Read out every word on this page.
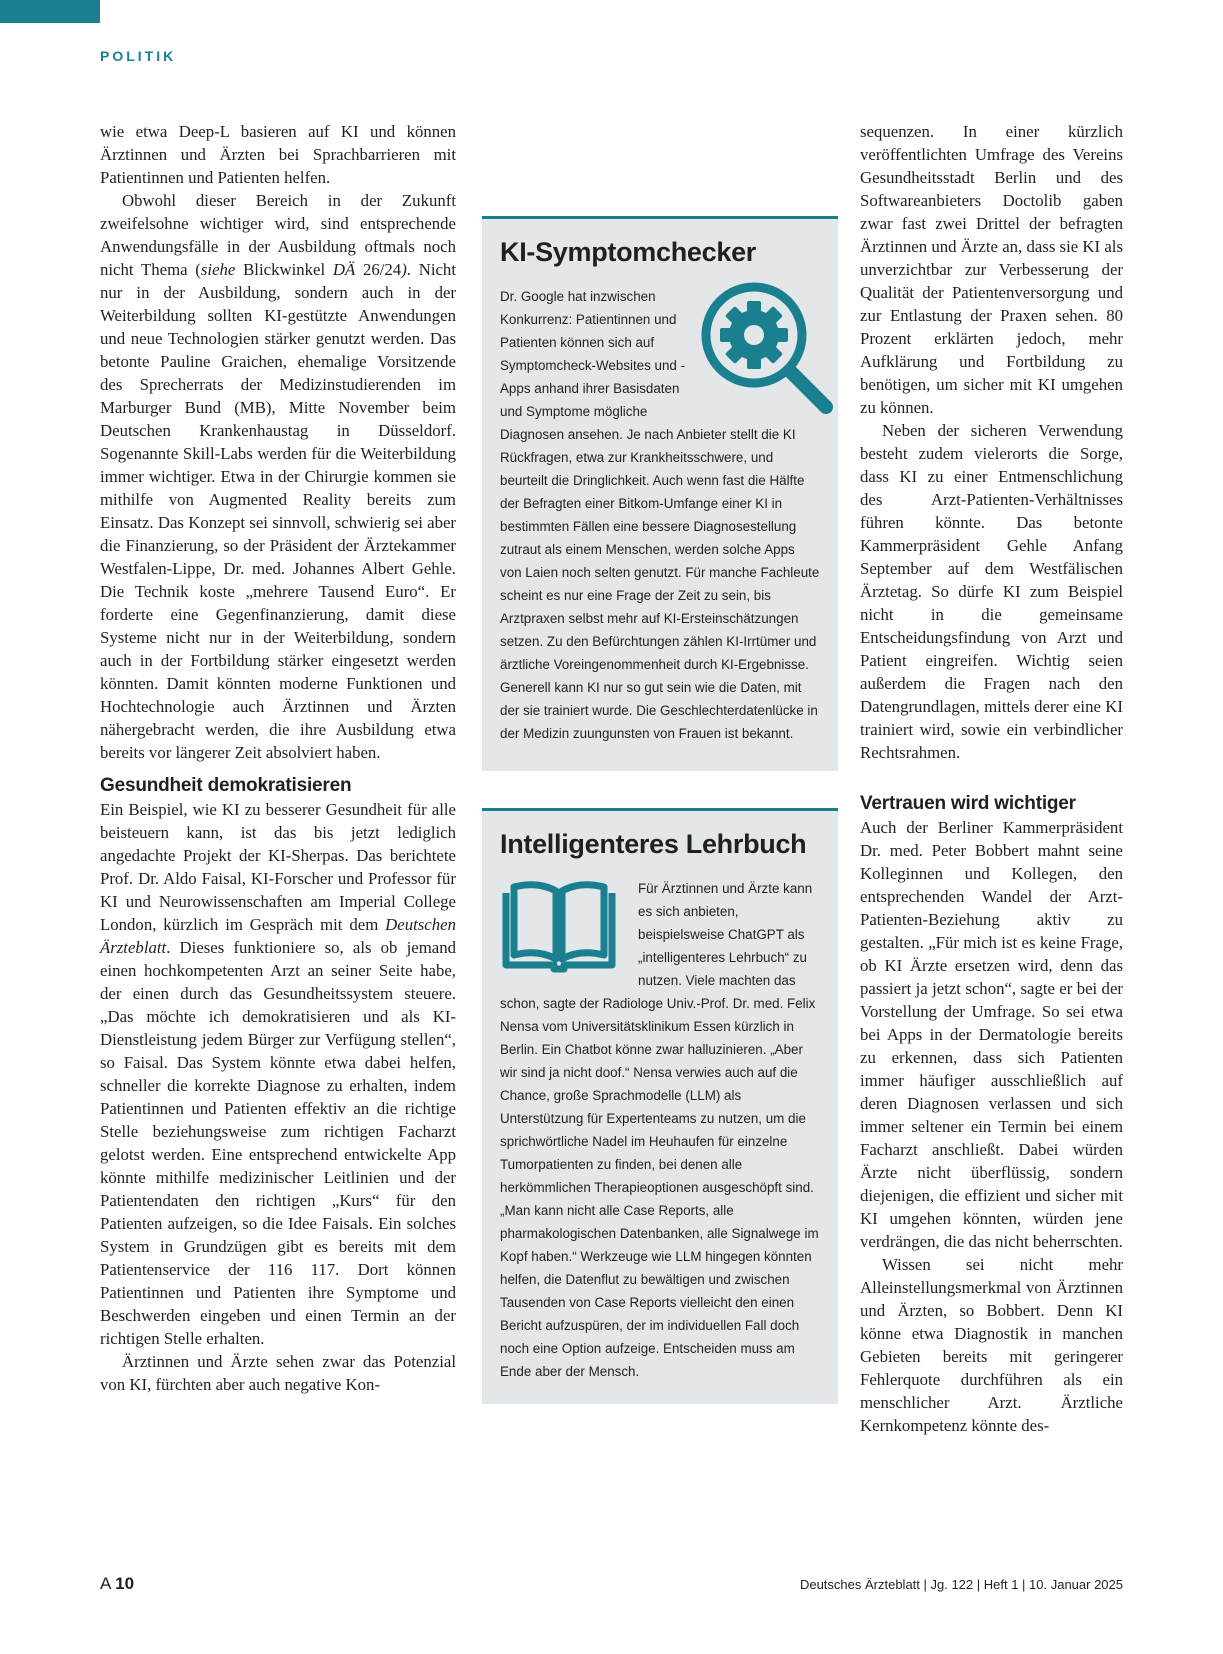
POLITIK

wie etwa Deep-L basieren auf KI und können Ärztinnen und Ärzten bei Sprachbarrieren mit Patientinnen und Patienten helfen.

Obwohl dieser Bereich in der Zukunft zweifelsohne wichtiger wird, sind entsprechende Anwendungsfälle in der Ausbildung oftmals noch nicht Thema (siehe Blickwinkel DÄ 26/24). Nicht nur in der Ausbildung, sondern auch in der Weiterbildung sollten KI-gestützte Anwendungen und neue Technologien stärker genutzt werden. Das betonte Pauline Graichen, ehemalige Vorsitzende des Sprecherrats der Medizinstudierenden im Marburger Bund (MB), Mitte November beim Deutschen Krankenhaustag in Düsseldorf. Sogenannte Skill-Labs werden für die Weiterbildung immer wichtiger. Etwa in der Chirurgie kommen sie mithilfe von Augmented Reality bereits zum Einsatz. Das Konzept sei sinnvoll, schwierig sei aber die Finanzierung, so der Präsident der Ärztekammer Westfalen-Lippe, Dr. med. Johannes Albert Gehle. Die Technik koste „mehrere Tausend Euro“. Er forderte eine Gegenfinanzierung, damit diese Systeme nicht nur in der Weiterbildung, sondern auch in der Fortbildung stärker eingesetzt werden könnten. Damit könnten moderne Funktionen und Hochtechnologie auch Ärztinnen und Ärzten nähergebracht werden, die ihre Ausbildung etwa bereits vor längerer Zeit absolviert haben.

Gesundheit demokratisieren

Ein Beispiel, wie KI zu besserer Gesundheit für alle beisteuern kann, ist das bis jetzt lediglich angedachte Projekt der KI-Sherpas. Das berichtete Prof. Dr. Aldo Faisal, KI-Forscher und Professor für KI und Neurowissenschaften am Imperial College London, kürzlich im Gespräch mit dem Deutschen Ärzteblatt. Dieses funktioniere so, als ob jemand einen hochkompetenten Arzt an seiner Seite habe, der einen durch das Gesundheitssystem steuere. „Das möchte ich demokratisieren und als KI-Dienstleistung jedem Bürger zur Verfügung stellen“, so Faisal. Das System könnte etwa dabei helfen, schneller die korrekte Diagnose zu erhalten, indem Patientinnen und Patienten effektiv an die richtige Stelle beziehungsweise zum richtigen Facharzt gelotst werden. Eine entsprechend entwickelte App könnte mithilfe medizinischer Leitlinien und der Patientendaten den richtigen „Kurs“ für den Patienten aufzeigen, so die Idee Faisals. Ein solches System in Grundzügen gibt es bereits mit dem Patientenservice der 116 117. Dort können Patientinnen und Patienten ihre Symptome und Beschwerden eingeben und einen Termin an der richtigen Stelle erhalten.

Ärztinnen und Ärzte sehen zwar das Potenzial von KI, fürchten aber auch negative Kon-

KI-Symptomchecker
Dr. Google hat inzwischen Konkurrenz: Patientinnen und Patienten können sich auf Symptomcheck-Websites und -Apps anhand ihrer Basisdaten und Symptome mögliche Diagnosen ansehen. Je nach Anbieter stellt die KI Rückfragen, etwa zur Krankheitsschwere, und beurteilt die Dringlichkeit. Auch wenn fast die Hälfte der Befragten einer Bitkom-Umfange einer KI in bestimmten Fällen eine bessere Diagnosestellung zutraut als einem Menschen, werden solche Apps von Laien noch selten genutzt. Für manche Fachleute scheint es nur eine Frage der Zeit zu sein, bis Arztpraxen selbst mehr auf KI-Ersteinschätzungen setzen. Zu den Befürchtungen zählen KI-Irrtümer und ärztliche Voreingenommenheit durch KI-Ergebnisse. Generell kann KI nur so gut sein wie die Daten, mit der sie trainiert wurde. Die Geschlechterdatenlücke in der Medizin zuungunsten von Frauen ist bekannt.
Intelligenteres Lehrbuch
Für Ärztinnen und Ärzte kann es sich anbieten, beispielsweise ChatGPT als „intelligenteres Lehrbuch“ zu nutzen. Viele machten das schon, sagte der Radiologe Univ.-Prof. Dr. med. Felix Nensa vom Universitätsklinikum Essen kürzlich in Berlin. Ein Chatbot könne zwar halluzinieren. „Aber wir sind ja nicht doof.“ Nensa verwies auch auf die Chance, große Sprachmodelle (LLM) als Unterstützung für Expertenteams zu nutzen, um die sprichwörtliche Nadel im Heuhaufen für einzelne Tumorpatienten zu finden, bei denen alle herkömmlichen Therapieoptionen ausgeschöpft sind. „Man kann nicht alle Case Reports, alle pharmakologischen Datenbanken, alle Signalwege im Kopf haben.“ Werkzeuge wie LLM hingegen könnten helfen, die Datenflut zu bewältigen und zwischen Tausenden von Case Reports vielleicht den einen Bericht aufzuspüren, der im individuellen Fall doch noch eine Option aufzeige. Entscheiden muss am Ende aber der Mensch.

sequenzen. In einer kürzlich veröffentlichten Umfrage des Vereins Gesundheitsstadt Berlin und des Softwareanbieters Doctolib gaben zwar fast zwei Drittel der befragten Ärztinnen und Ärzte an, dass sie KI als unverzichtbar zur Verbesserung der Qualität der Patientenversorgung und zur Entlastung der Praxen sehen. 80 Prozent erklärten jedoch, mehr Aufklärung und Fortbildung zu benötigen, um sicher mit KI umgehen zu können.

Neben der sicheren Verwendung besteht zudem vielerorts die Sorge, dass KI zu einer Entmenschlichung des Arzt-Patienten-Verhältnisses führen könnte. Das betonte Kammerpräsident Gehle Anfang September auf dem Westfälischen Ärztetag. So dürfe KI zum Beispiel nicht in die gemeinsame Entscheidungsfindung von Arzt und Patient eingreifen. Wichtig seien außerdem die Fragen nach den Datengrundlagen, mittels derer eine KI trainiert wird, sowie ein verbindlicher Rechtsrahmen.

Vertrauen wird wichtiger

Auch der Berliner Kammerpräsident Dr. med. Peter Bobbert mahnt seine Kolleginnen und Kollegen, den entsprechenden Wandel der Arzt-Patienten-Beziehung aktiv zu gestalten. „Für mich ist es keine Frage, ob KI Ärzte ersetzen wird, denn das passiert ja jetzt schon“, sagte er bei der Vorstellung der Umfrage. So sei etwa bei Apps in der Dermatologie bereits zu erkennen, dass sich Patienten immer häufiger ausschließlich auf deren Diagnosen verlassen und sich immer seltener ein Termin bei einem Facharzt anschließt. Dabei würden Ärzte nicht überflüssig, sondern diejenigen, die effizient und sicher mit KI umgehen könnten, würden jene verdrängen, die das nicht beherrschten.

Wissen sei nicht mehr Alleinstellungsmerkmal von Ärztinnen und Ärzten, so Bobbert. Denn KI könne etwa Diagnostik in manchen Gebieten bereits mit geringerer Fehlerquote durchführen als ein menschlicher Arzt. Ärztliche Kernkompetenz könnte des-

A 10	Deutsches Ärzteblatt | Jg. 122 | Heft 1 | 10. Januar 2025
